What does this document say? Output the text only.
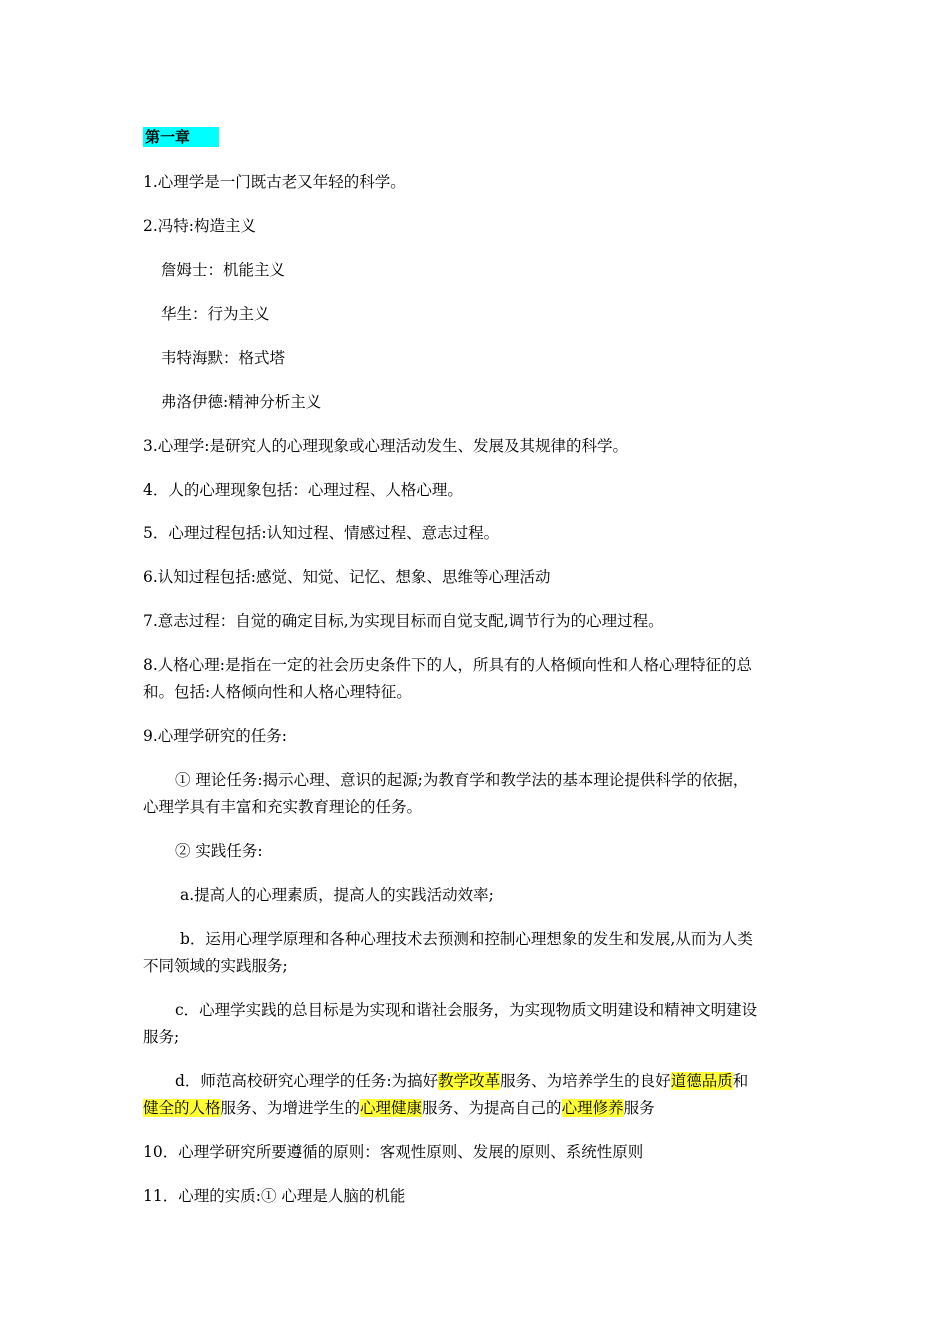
第一章
1.心理学是一门既古老又年轻的科学。
2.冯特:构造主义
詹姆士：机能主义
华生：行为主义
韦特海默：格式塔
弗洛伊德:精神分析主义
3.心理学:是研究人的心理现象或心理活动发生、发展及其规律的科学。
4．人的心理现象包括：心理过程、人格心理。
5．心理过程包括:认知过程、情感过程、意志过程。
6.认知过程包括:感觉、知觉、记忆、想象、思维等心理活动
7.意志过程：自觉的确定目标,为实现目标而自觉支配,调节行为的心理过程。
8.人格心理:是指在一定的社会历史条件下的人，所具有的人格倾向性和人格心理特征的总
和。包括:人格倾向性和人格心理特征。
9.心理学研究的任务:
① 理论任务:揭示心理、意识的起源;为教育学和教学法的基本理论提供科学的依据，
心理学具有丰富和充实教育理论的任务。
② 实践任务:
a.提高人的心理素质，提高人的实践活动效率;
b．运用心理学原理和各种心理技术去预测和控制心理想象的发生和发展,从而为人类
不同领域的实践服务;
c．心理学实践的总目标是为实现和谐社会服务，为实现物质文明建设和精神文明建设
服务;
d．师范高校研究心理学的任务:为搞好教学改革服务、为培养学生的良好道德品质和
健全的人格服务、为增进学生的心理健康服务、为提高自己的心理修养服务
10．心理学研究所要遵循的原则：客观性原则、发展的原则、系统性原则
11．心理的实质:① 心理是人脑的机能
